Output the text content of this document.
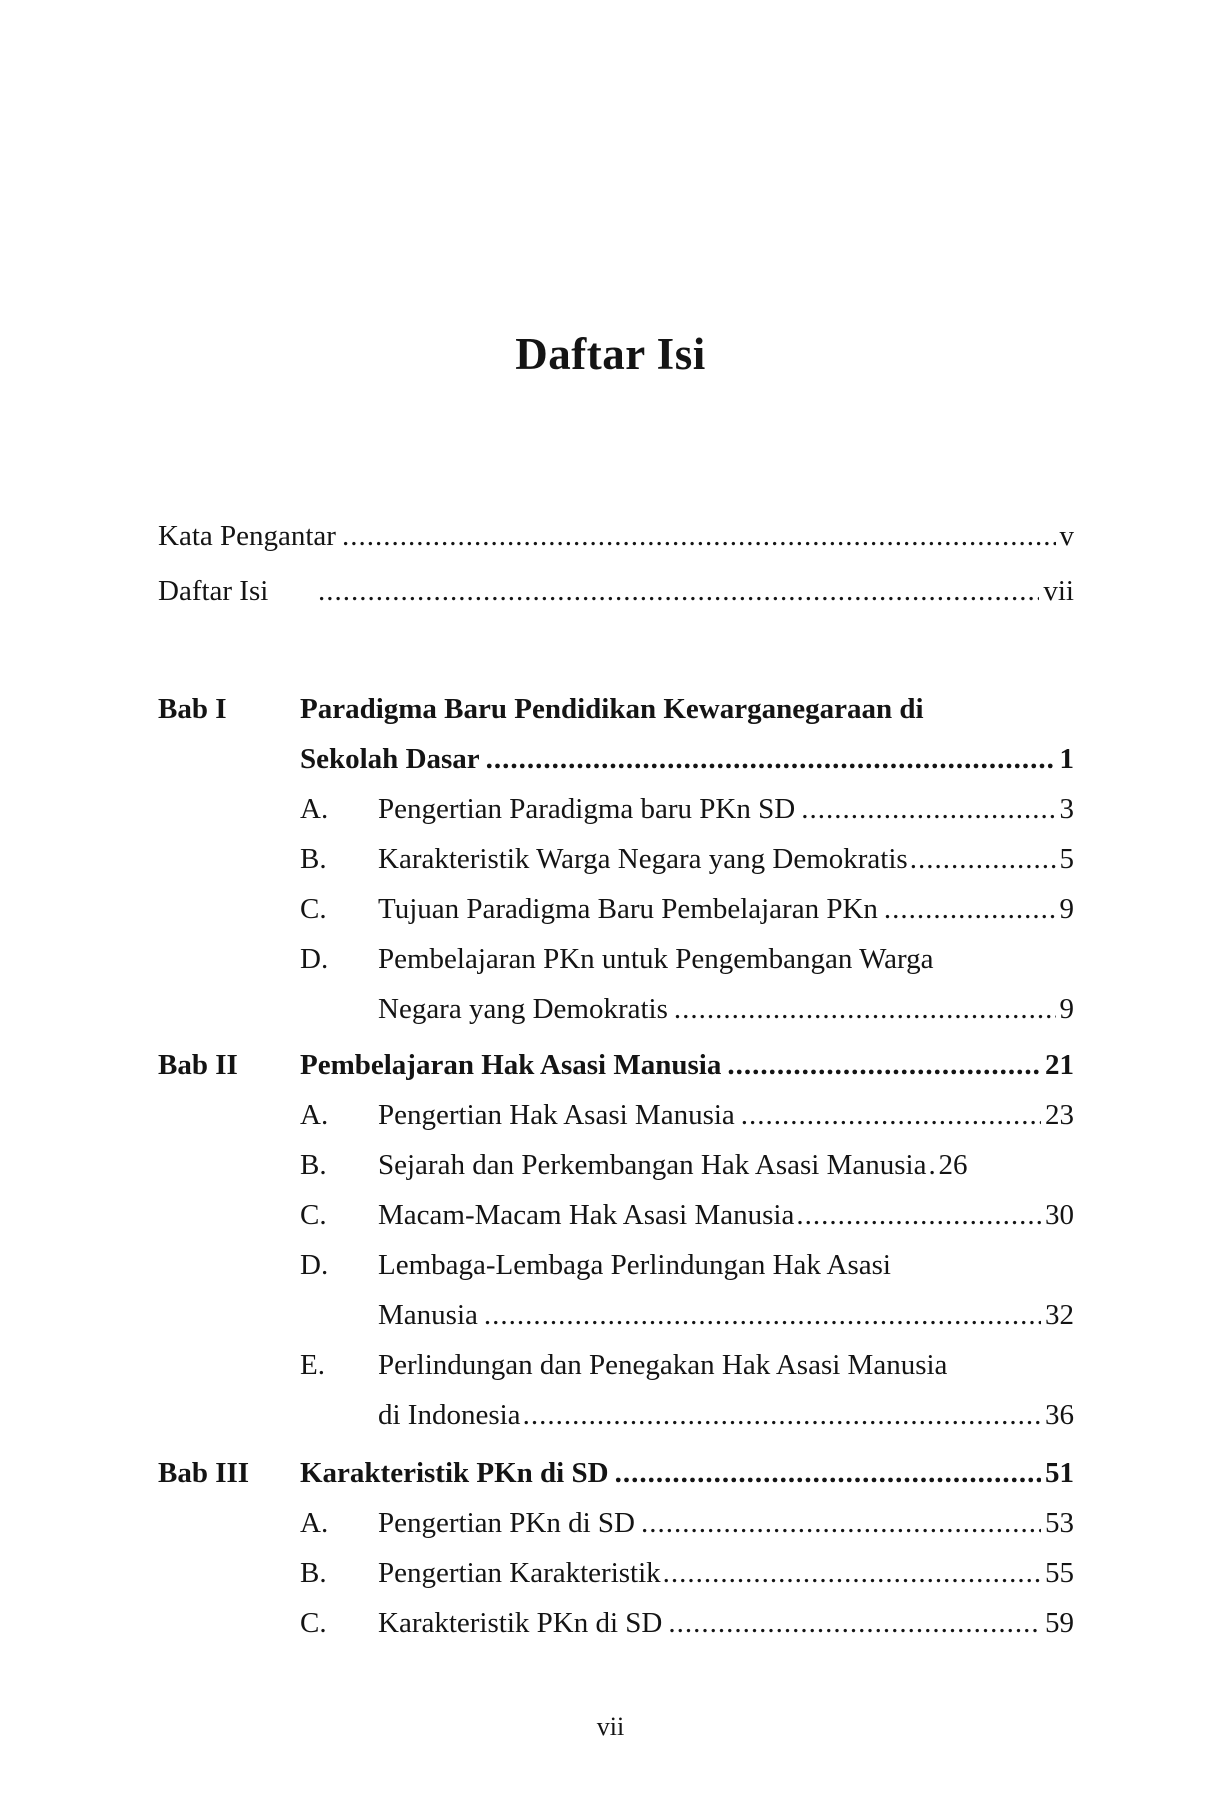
Daftar Isi
Kata Pengantar .....	v
Daftar Isi .....	vii
Bab I	Paradigma Baru Pendidikan Kewarganegaraan di
Sekolah Dasar .....	1
A. Pengertian Paradigma baru PKn SD .....	3
B. Karakteristik Warga Negara yang Demokratis .....	5
C. Tujuan Paradigma Baru Pembelajaran PKn .....	9
D. Pembelajaran PKn untuk Pengembangan Warga
Negara yang Demokratis .....	9
Bab II Pembelajaran Hak Asasi Manusia .....	21
A. Pengertian Hak Asasi Manusia .....	23
B. Sejarah dan Perkembangan Hak Asasi Manusia ..... 26
C. Macam-Macam Hak Asasi Manusia .....	30
D. Lembaga-Lembaga Perlindungan Hak Asasi
Manusia .....	32
E. Perlindungan dan Penegakan Hak Asasi Manusia
di Indonesia .....	36
Bab III Karakteristik PKn di SD .....	51
A. Pengertian PKn di SD .....	53
B. Pengertian Karakteristik .....	55
C. Karakteristik PKn di SD .....	59
vii
